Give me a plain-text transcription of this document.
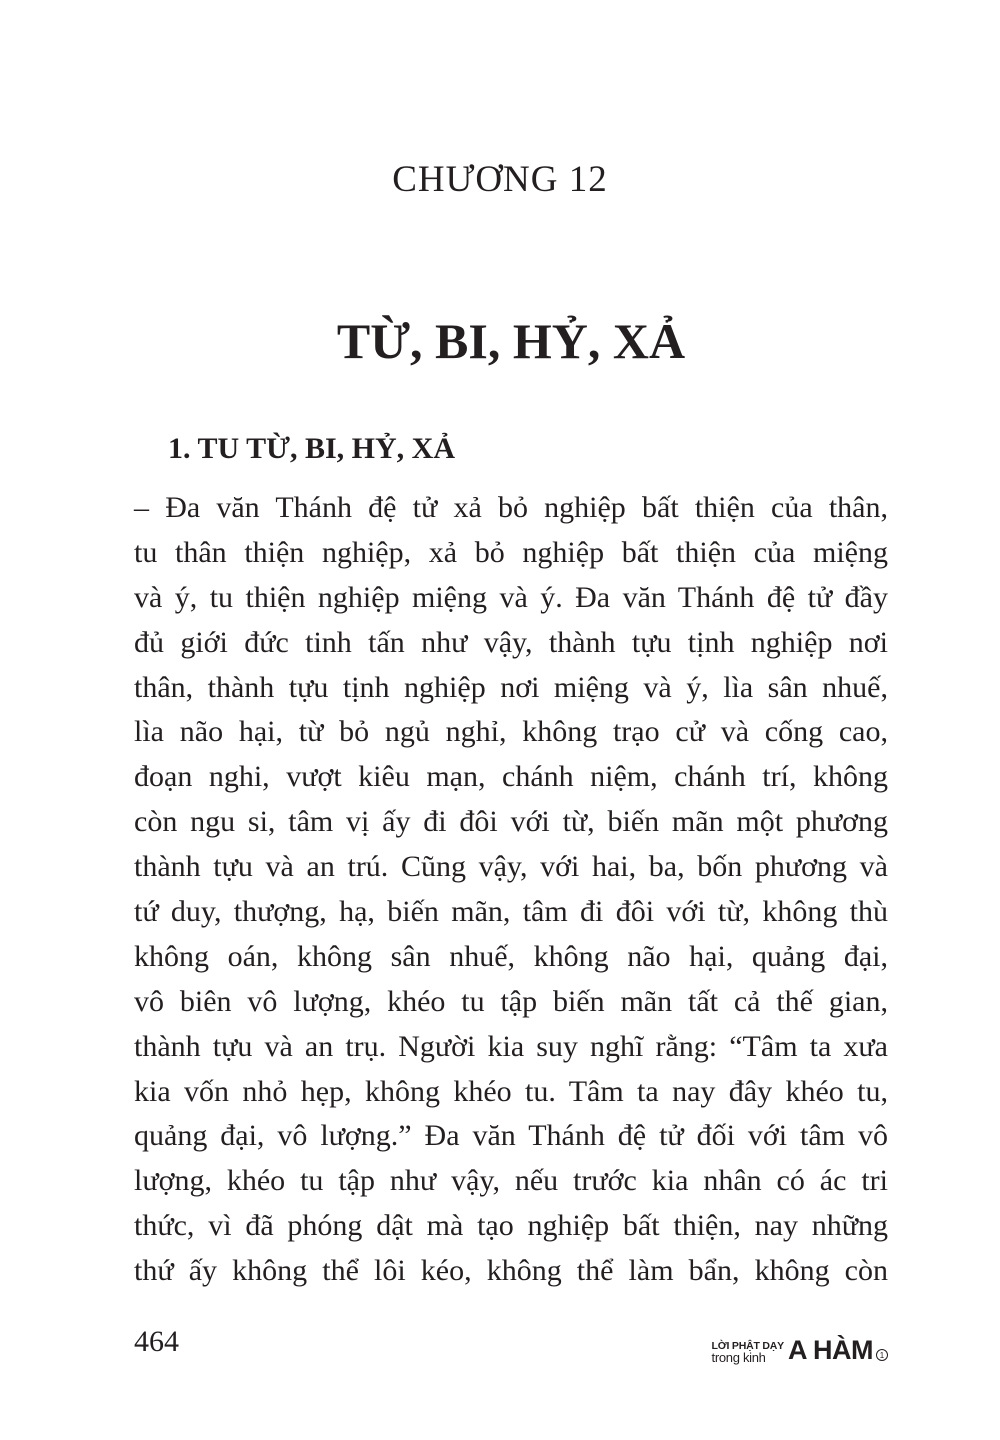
CHƯƠNG 12
TỪ, BI, HỶ, XẢ
1. TU TỪ, BI, HỶ, XẢ
– Đa văn Thánh đệ tử xả bỏ nghiệp bất thiện của thân,
tu thân thiện nghiệp, xả bỏ nghiệp bất thiện của miệng
và ý, tu thiện nghiệp miệng và ý. Đa văn Thánh đệ tử đầy
đủ giới đức tinh tấn như vậy, thành tựu tịnh nghiệp nơi
thân, thành tựu tịnh nghiệp nơi miệng và ý, lìa sân nhuế,
lìa não hại, từ bỏ ngủ nghỉ, không trạo cử và cống cao,
đoạn nghi, vượt kiêu mạn, chánh niệm, chánh trí, không
còn ngu si, tâm vị ấy đi đôi với từ, biến mãn một phương
thành tựu và an trú. Cũng vậy, với hai, ba, bốn phương và
tứ duy, thượng, hạ, biến mãn, tâm đi đôi với từ, không thù
không oán, không sân nhuế, không não hại, quảng đại,
vô biên vô lượng, khéo tu tập biến mãn tất cả thế gian,
thành tựu và an trụ. Người kia suy nghĩ rằng: “Tâm ta xưa
kia vốn nhỏ hẹp, không khéo tu. Tâm ta nay đây khéo tu,
quảng đại, vô lượng.” Đa văn Thánh đệ tử đối với tâm vô
lượng, khéo tu tập như vậy, nếu trước kia nhân có ác tri
thức, vì đã phóng dật mà tạo nghiệp bất thiện, nay những
thứ ấy không thể lôi kéo, không thể làm bẩn, không còn
464	LỜI PHẬT DẠY
trong kinh A HÀM 1
